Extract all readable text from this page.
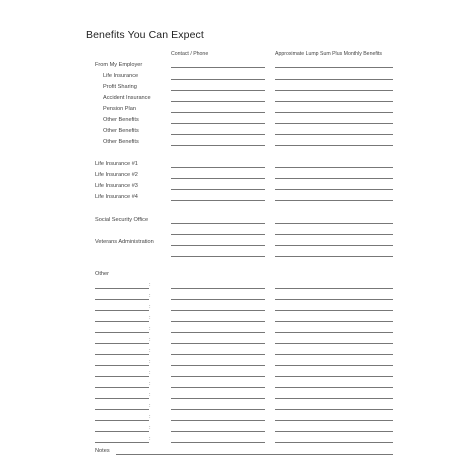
Benefits You Can Expect
Contact / Phone	Approximate Lump Sum Plus Monthly Benefits
From My Employer
Life Insurance
Profit Sharing
Accident Insurance
Pension Plan
Other Benefits
Other Benefits
Other Benefits
Life Insurance #1
Life Insurance #2
Life Insurance #3
Life Insurance #4
Social Security Office
Veterans Administration
Other
:
:
:
:
:
:
:
:
:
:
:
:
:
:
:
Notes
